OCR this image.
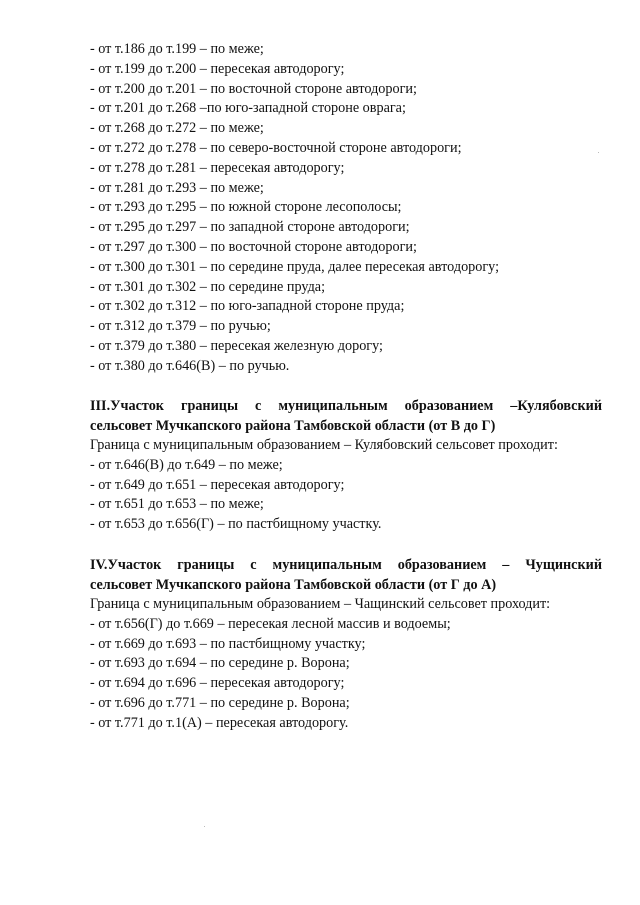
- от т.186 до т.199 – по меже;
- от т.199 до т.200 – пересекая автодорогу;
- от т.200 до т.201 – по восточной стороне автодороги;
- от т.201 до т.268 –по юго-западной стороне оврага;
- от т.268 до т.272 – по меже;
- от т.272 до т.278 – по северо-восточной стороне автодороги;
- от т.278 до т.281 – пересекая автодорогу;
- от т.281 до т.293 – по меже;
- от т.293 до т.295 – по южной стороне лесополосы;
- от т.295 до т.297 – по западной стороне автодороги;
- от т.297 до т.300 – по восточной стороне автодороги;
- от т.300 до т.301 – по середине пруда, далее пересекая автодорогу;
- от т.301 до т.302 – по середине пруда;
- от т.302 до т.312 – по юго-западной стороне пруда;
- от т.312 до т.379 – по ручью;
- от т.379 до т.380 – пересекая железную дорогу;
- от т.380 до т.646(В) – по ручью.
III.Участок границы с муниципальным образованием –Кулябовский
сельсовет Мучкапского района Тамбовской области (от В до Г)
Граница с муниципальным образованием – Кулябовский сельсовет проходит:
- от т.646(В) до т.649 – по меже;
- от т.649 до т.651 – пересекая автодорогу;
- от т.651 до т.653 – по меже;
- от т.653 до т.656(Г) – по пастбищному участку.
IV.Участок границы с муниципальным образованием – Чущинский
сельсовет Мучкапского района Тамбовской области (от Г до А)
Граница с муниципальным образованием – Чащинский сельсовет проходит:
- от т.656(Г) до т.669 – пересекая лесной массив и водоемы;
- от т.669 до т.693 – по пастбищному участку;
- от т.693 до т.694 – по середине р. Ворона;
- от т.694 до т.696 – пересекая автодорогу;
- от т.696 до т.771 – по середине р. Ворона;
- от т.771 до т.1(А) – пересекая автодорогу.
